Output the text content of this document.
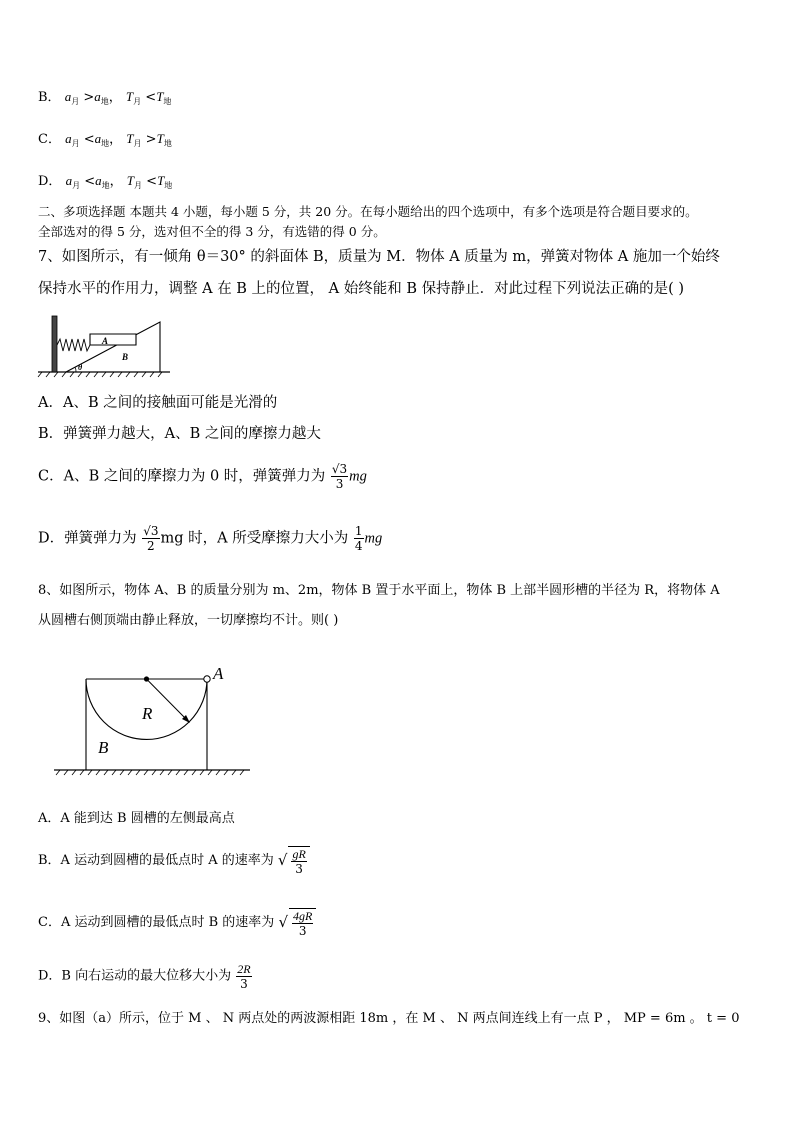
B． $a_月 >a_地$， $T_月 <T_地$
C． $a_月 <a_地$， $T_月 >T_地$
D． $a_月 <a_地$， $T_月 <T_地$
二、多项选择题 本题共 4 小题，每小题 5 分，共 20 分。在每小题给出的四个选项中，有多个选项是符合题目要求的。
全部选对的得 5 分，选对但不全的得 3 分，有选错的得 0 分。
7、如图所示，有一倾角 θ＝30° 的斜面体 B，质量为 M．物体 A 质量为 m，弹簧对物体 A 施加一个始终
保持水平的作用力，调整 A 在 B 上的位置， A 始终能和 B 保持静止．对此过程下列说法正确的是( )
A
B
θ
A．A、B 之间的接触面可能是光滑的
B．弹簧弹力越大，A、B 之间的摩擦力越大
C．A、B 之间的摩擦力为 0 时，弹簧弹力为 $\frac{√3}{3}$ mg
D．弹簧弹力为 $\frac{√3}{2}$ mg 时，A 所受摩擦力大小为 $\frac{1}{4}$ mg
8、如图所示，物体 A、B 的质量分别为 m、2m，物体 B 置于水平面上，物体 B 上部半圆形槽的半径为 R，将物体 A
从圆槽右侧顶端由静止释放，一切摩擦均不计。则( )
A
R
B
A．A 能到达 B 圆槽的左侧最高点
B．A 运动到圆槽的最低点时 A 的速率为 √ $\frac{gR}{3}$
C．A 运动到圆槽的最低点时 B 的速率为 √ $\frac{4gR}{3}$
D．B 向右运动的最大位移大小为 $\frac{2R}{3}$
9、如图（a）所示，位于 M 、 N 两点处的两波源相距 18m ，在 M 、 N 两点间连线上有一点 P ， MP = 6m 。 t = 0
